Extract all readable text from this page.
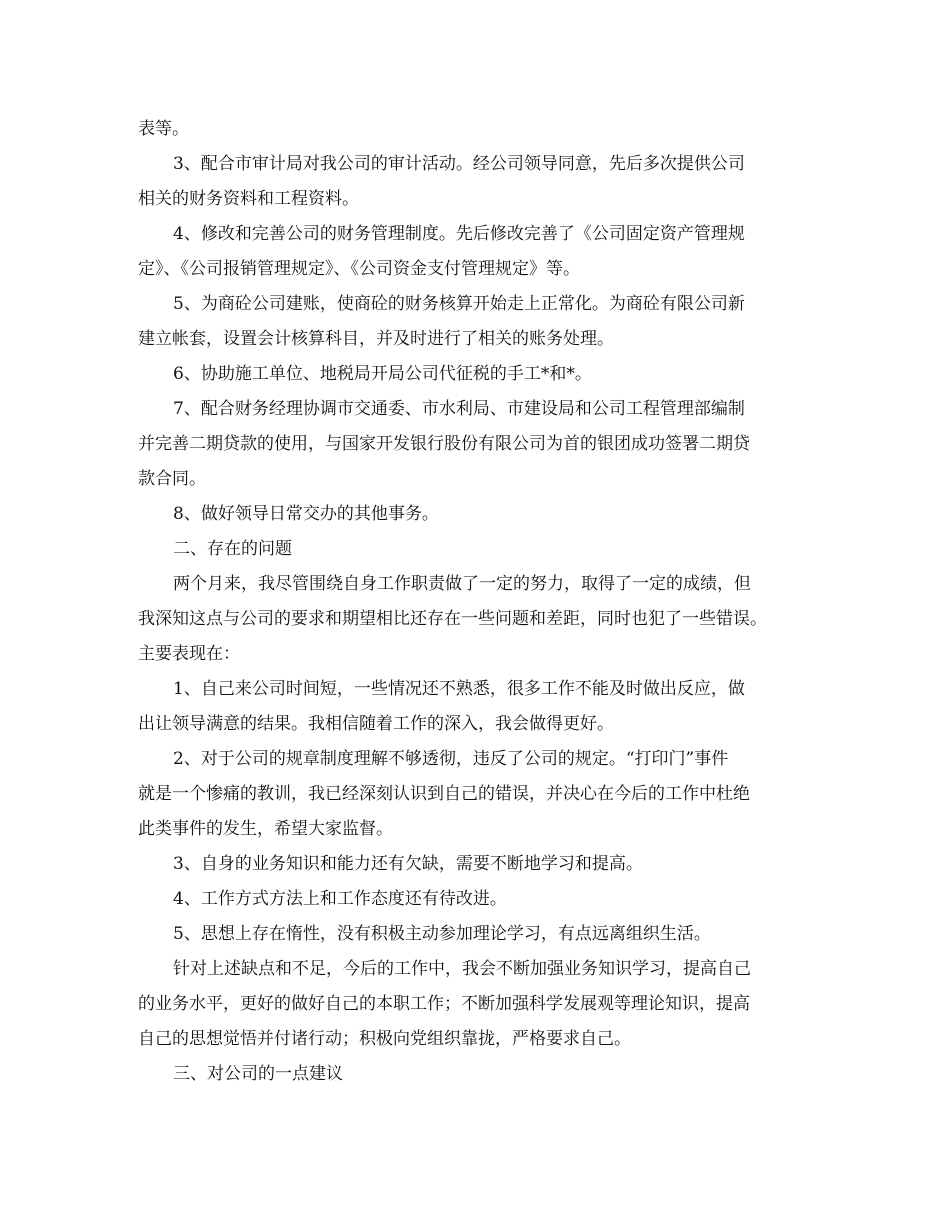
表等。
3、配合市审计局对我公司的审计活动。经公司领导同意，先后多次提供公司
相关的财务资料和工程资料。
4、修改和完善公司的财务管理制度。先后修改完善了《公司固定资产管理规
定》、《公司报销管理规定》、《公司资金支付管理规定》等。
5、为商砼公司建账，使商砼的财务核算开始走上正常化。为商砼有限公司新
建立帐套，设置会计核算科目，并及时进行了相关的账务处理。
6、协助施工单位、地税局开局公司代征税的手工*和*。
7、配合财务经理协调市交通委、市水利局、市建设局和公司工程管理部编制
并完善二期贷款的使用，与国家开发银行股份有限公司为首的银团成功签署二期贷
款合同。
8、做好领导日常交办的其他事务。
二、存在的问题
两个月来，我尽管围绕自身工作职责做了一定的努力，取得了一定的成绩，但
我深知这点与公司的要求和期望相比还存在一些问题和差距，同时也犯了一些错误。
主要表现在：
1、自己来公司时间短，一些情况还不熟悉，很多工作不能及时做出反应，做
出让领导满意的结果。我相信随着工作的深入，我会做得更好。
2、对于公司的规章制度理解不够透彻，违反了公司的规定。“打印门”事件
就是一个惨痛的教训，我已经深刻认识到自己的错误，并决心在今后的工作中杜绝
此类事件的发生，希望大家监督。
3、自身的业务知识和能力还有欠缺，需要不断地学习和提高。
4、工作方式方法上和工作态度还有待改进。
5、思想上存在惰性，没有积极主动参加理论学习，有点远离组织生活。
针对上述缺点和不足，今后的工作中，我会不断加强业务知识学习，提高自己
的业务水平，更好的做好自己的本职工作；不断加强科学发展观等理论知识，提高
自己的思想觉悟并付诸行动；积极向党组织靠拢，严格要求自己。
三、对公司的一点建议
